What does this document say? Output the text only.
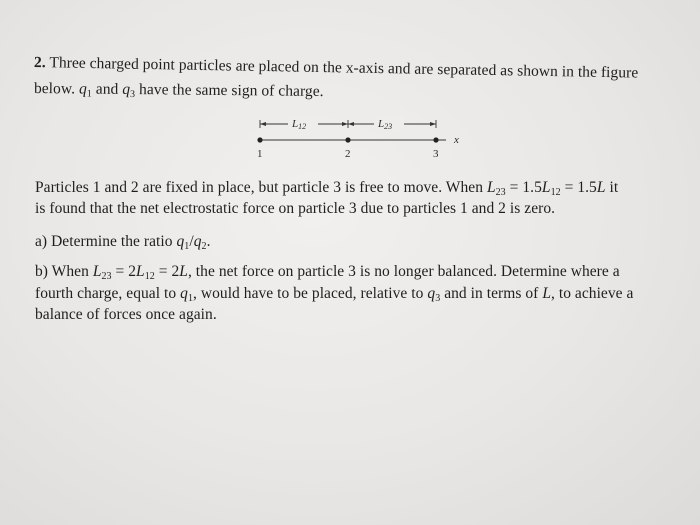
2. Three charged point particles are placed on the x-axis and are separated as shown in the figure
below. $q_1$ and $q_3$ have the same sign of charge.
L12	L23
x
1	2	3
Particles 1 and 2 are fixed in place, but particle 3 is free to move. When $L_{23} = 1.5L_{12} = 1.5L$ it
is found that the net electrostatic force on particle 3 due to particles 1 and 2 is zero.
a) Determine the ratio $q_1/q_2$.
b) When $L_{23} = 2L_{12} = 2L$, the net force on particle 3 is no longer balanced. Determine where a
fourth charge, equal to $q_1$, would have to be placed, relative to $q_3$ and in terms of L, to achieve a
balance of forces once again.
